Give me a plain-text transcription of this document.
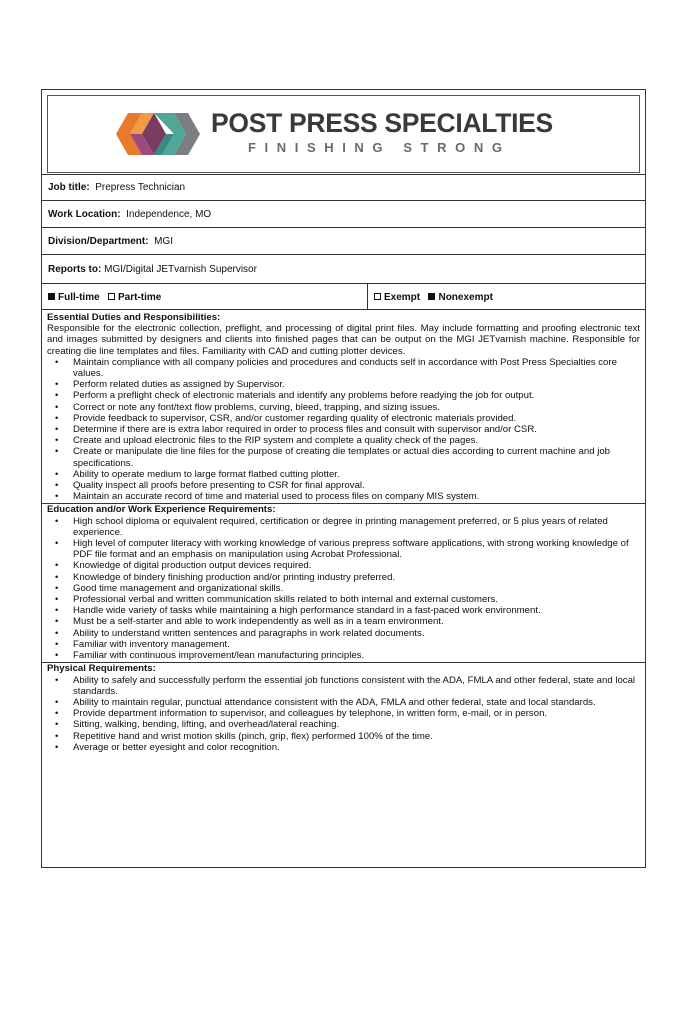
POST PRESS SPECIALTIES
FINISHING STRONG
Job title: Prepress Technician
Work Location: Independence, MO
Division/Department: MGI
Reports to: MGI/Digital JETvarnish Supervisor
Full-time Part-time	Exempt Nonexempt
Essential Duties and Responsibilities:
Responsible for the electronic collection, preflight, and processing of digital print files. May include formatting and proofing electronic text and images submitted by designers and clients into finished pages that can be output on the MGI JETvarnish machine. Responsible for creating die line templates and files. Familiarity with CAD and cutting plotter devices.
• Maintain compliance with all company policies and procedures and conducts self in accordance with Post Press Specialties core values.
• Perform related duties as assigned by Supervisor.
• Perform a preflight check of electronic materials and identify any problems before readying the job for output.
• Correct or note any font/text flow problems, curving, bleed, trapping, and sizing issues.
• Provide feedback to supervisor, CSR, and/or customer regarding quality of electronic materials provided.
• Determine if there are is extra labor required in order to process files and consult with supervisor and/or CSR.
• Create and upload electronic files to the RIP system and complete a quality check of the pages.
• Create or manipulate die line files for the purpose of creating die templates or actual dies according to current machine and job specifications.
• Ability to operate medium to large format flatbed cutting plotter.
• Quality inspect all proofs before presenting to CSR for final approval.
• Maintain an accurate record of time and material used to process files on company MIS system.
Education and/or Work Experience Requirements:
• High school diploma or equivalent required, certification or degree in printing management preferred, or 5 plus years of related experience.
• High level of computer literacy with working knowledge of various prepress software applications, with strong working knowledge of PDF file format and an emphasis on manipulation using Acrobat Professional.
• Knowledge of digital production output devices required.
• Knowledge of bindery finishing production and/or printing industry preferred.
• Good time management and organizational skills.
• Professional verbal and written communication skills related to both internal and external customers.
• Handle wide variety of tasks while maintaining a high performance standard in a fast-paced work environment.
• Must be a self-starter and able to work independently as well as in a team environment.
• Ability to understand written sentences and paragraphs in work related documents.
• Familiar with inventory management.
• Familiar with continuous improvement/lean manufacturing principles.
Physical Requirements:
• Ability to safely and successfully perform the essential job functions consistent with the ADA, FMLA and other federal, state and local standards.
• Ability to maintain regular, punctual attendance consistent with the ADA, FMLA and other federal, state and local standards.
• Provide department information to supervisor, and colleagues by telephone, in written form, e-mail, or in person.
• Sitting, walking, bending, lifting, and overhead/lateral reaching.
• Repetitive hand and wrist motion skills (pinch, grip, flex) performed 100% of the time.
• Average or better eyesight and color recognition.
